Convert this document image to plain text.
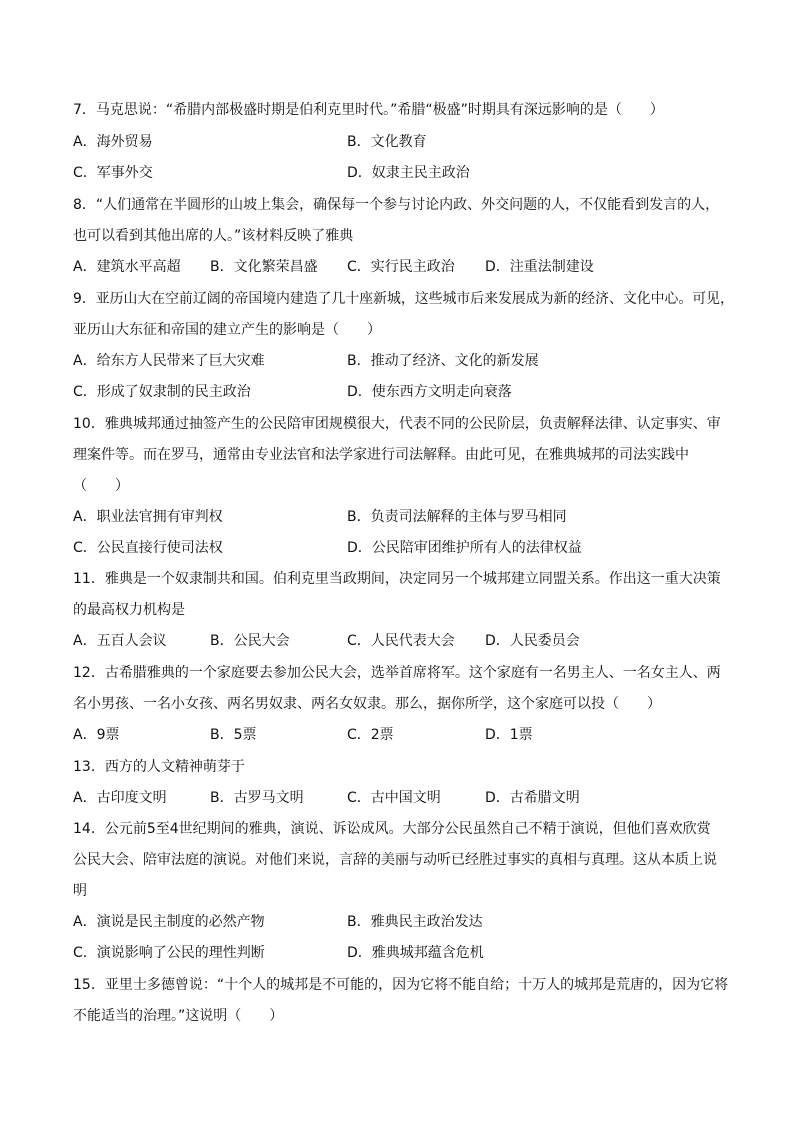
7．马克思说：“希腊内部极盛时期是伯利克里时代。”希腊“极盛”时期具有深远影响的是（　　）
A．海外贸易	B．文化教育
C．军事外交	D．奴隶主民主政治
8．“人们通常在半圆形的山坡上集会，确保每一个参与讨论内政、外交问题的人，不仅能看到发言的人，
也可以看到其他出席的人。”该材料反映了雅典
A．建筑水平高超 B．文化繁荣昌盛 C．实行民主政治 D．注重法制建设
9．亚历山大在空前辽阔的帝国境内建造了几十座新城，这些城市后来发展成为新的经济、文化中心。可见，
亚历山大东征和帝国的建立产生的影响是（　　）
A．给东方人民带来了巨大灾难	B．推动了经济、文化的新发展
C．形成了奴隶制的民主政治	D．使东西方文明走向衰落
10．雅典城邦通过抽签产生的公民陪审团规模很大，代表不同的公民阶层，负责解释法律、认定事实、审
理案件等。而在罗马，通常由专业法官和法学家进行司法解释。由此可见，在雅典城邦的司法实践中
（　　）
A．职业法官拥有审判权	B．负责司法解释的主体与罗马相同
C．公民直接行使司法权	D．公民陪审团维护所有人的法律权益
11．雅典是一个奴隶制共和国。伯利克里当政期间，决定同另一个城邦建立同盟关系。作出这一重大决策
的最高权力机构是
A．五百人会议	B．公民大会	C．人民代表大会 D．人民委员会
12．古希腊雅典的一个家庭要去参加公民大会，选举首席将军。这个家庭有一名男主人、一名女主人、两
名小男孩、一名小女孩、两名男奴隶、两名女奴隶。那么，据你所学，这个家庭可以投（　　）
A．9票	B．5票	C．2票	D．1票
13．西方的人文精神萌芽于
A．古印度文明	B．古罗马文明	C．古中国文明	D．古希腊文明
14．公元前5至4世纪期间的雅典，演说、诉讼成风。大部分公民虽然自己不精于演说，但他们喜欢欣赏
公民大会、陪审法庭的演说。对他们来说，言辞的美丽与动听已经胜过事实的真相与真理。这从本质上说
明
A．演说是民主制度的必然产物	B．雅典民主政治发达
C．演说影响了公民的理性判断	D．雅典城邦蕴含危机
15．亚里士多德曾说：“十个人的城邦是不可能的，因为它将不能自给；十万人的城邦是荒唐的，因为它将
不能适当的治理。”这说明（　　）
